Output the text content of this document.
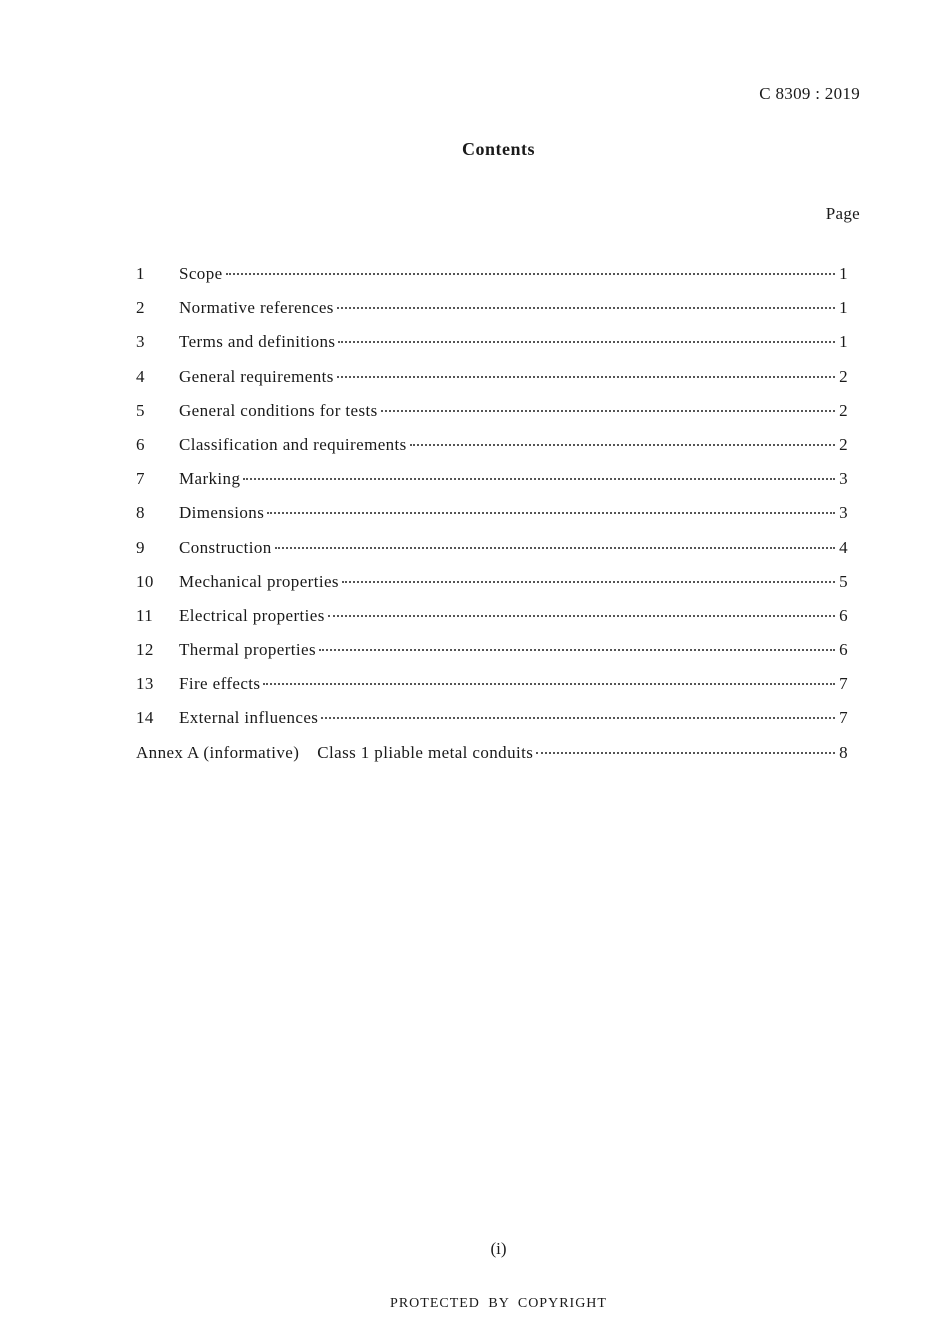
C 8309 : 2019
Contents
Page
1	Scope	1
2	Normative references	1
3	Terms and definitions	1
4	General requirements	2
5	General conditions for tests	2
6	Classification and requirements	2
7	Marking	3
8	Dimensions	3
9	Construction	4
10	Mechanical properties	5
11	Electrical properties	6
12	Thermal properties	6
13	Fire effects	7
14	External influences	7
Annex A (informative) Class 1 pliable metal conduits	8
(i)
PROTECTED BY COPYRIGHT
